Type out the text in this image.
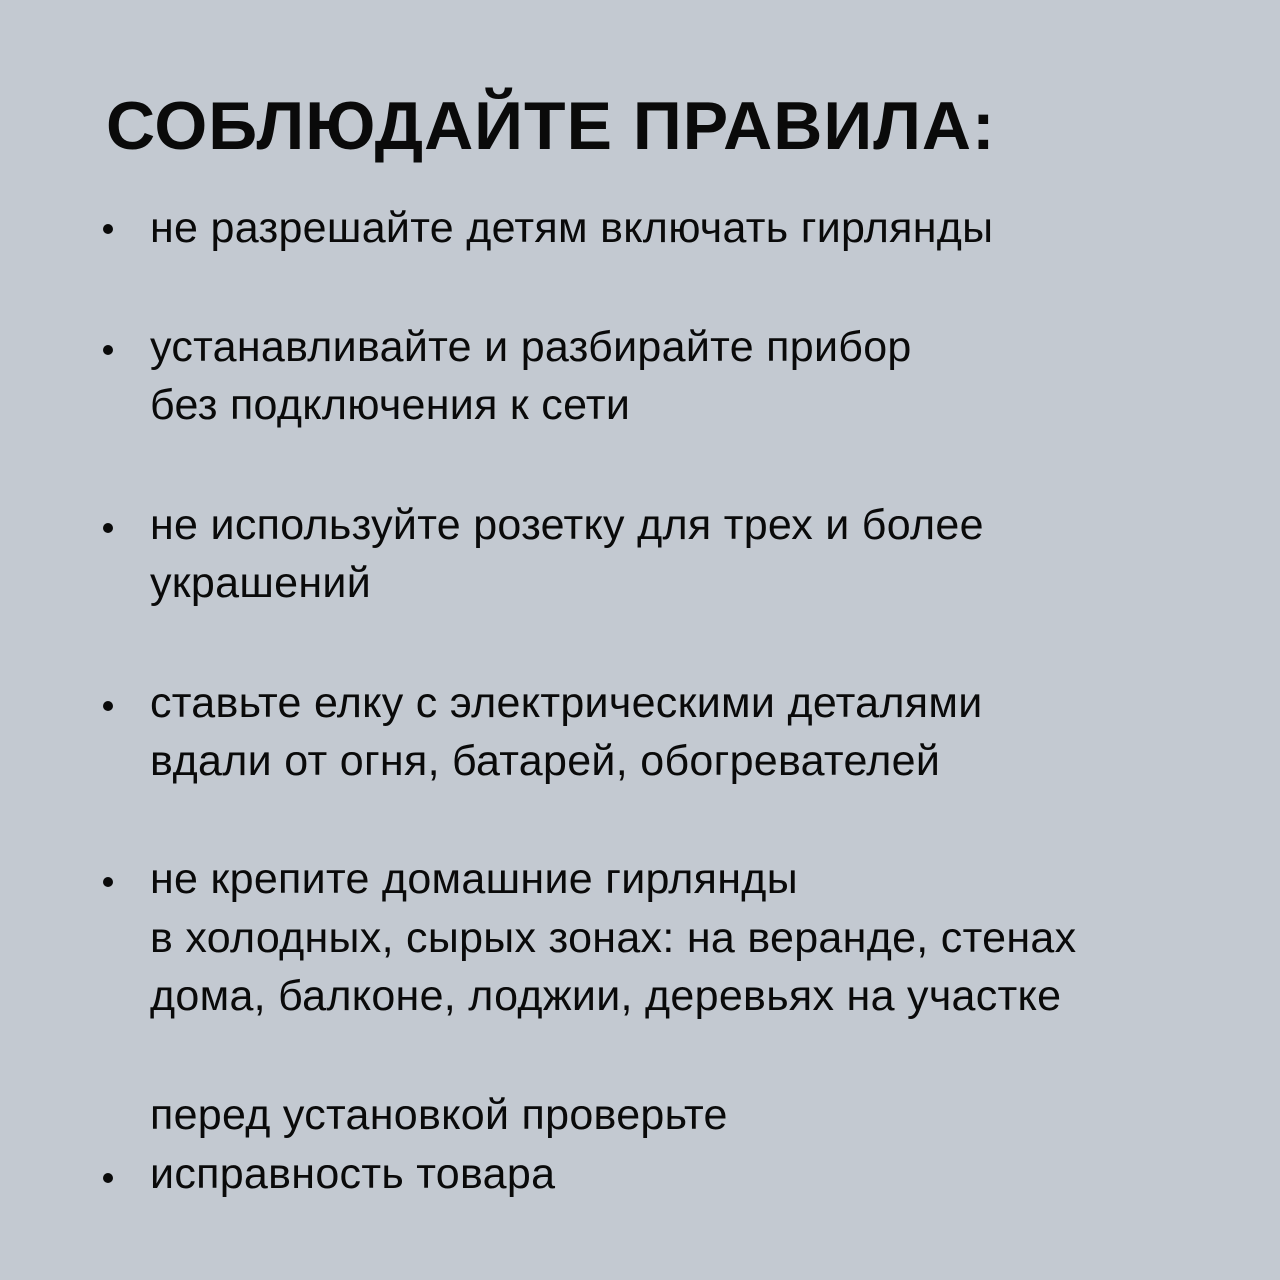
СОБЛЮДАЙТЕ ПРАВИЛА:
не разрешайте детям включать гирлянды
устанавливайте и разбирайте прибор
без подключения к сети
не используйте розетку для трех и более
украшений
ставьте елку с электрическими деталями
вдали от огня, батарей, обогревателей
не крепите домашние гирлянды
в холодных, сырых зонах: на веранде, стенах
дома, балконе, лоджии, деревьях на участке
перед установкой проверьте
исправность товара
